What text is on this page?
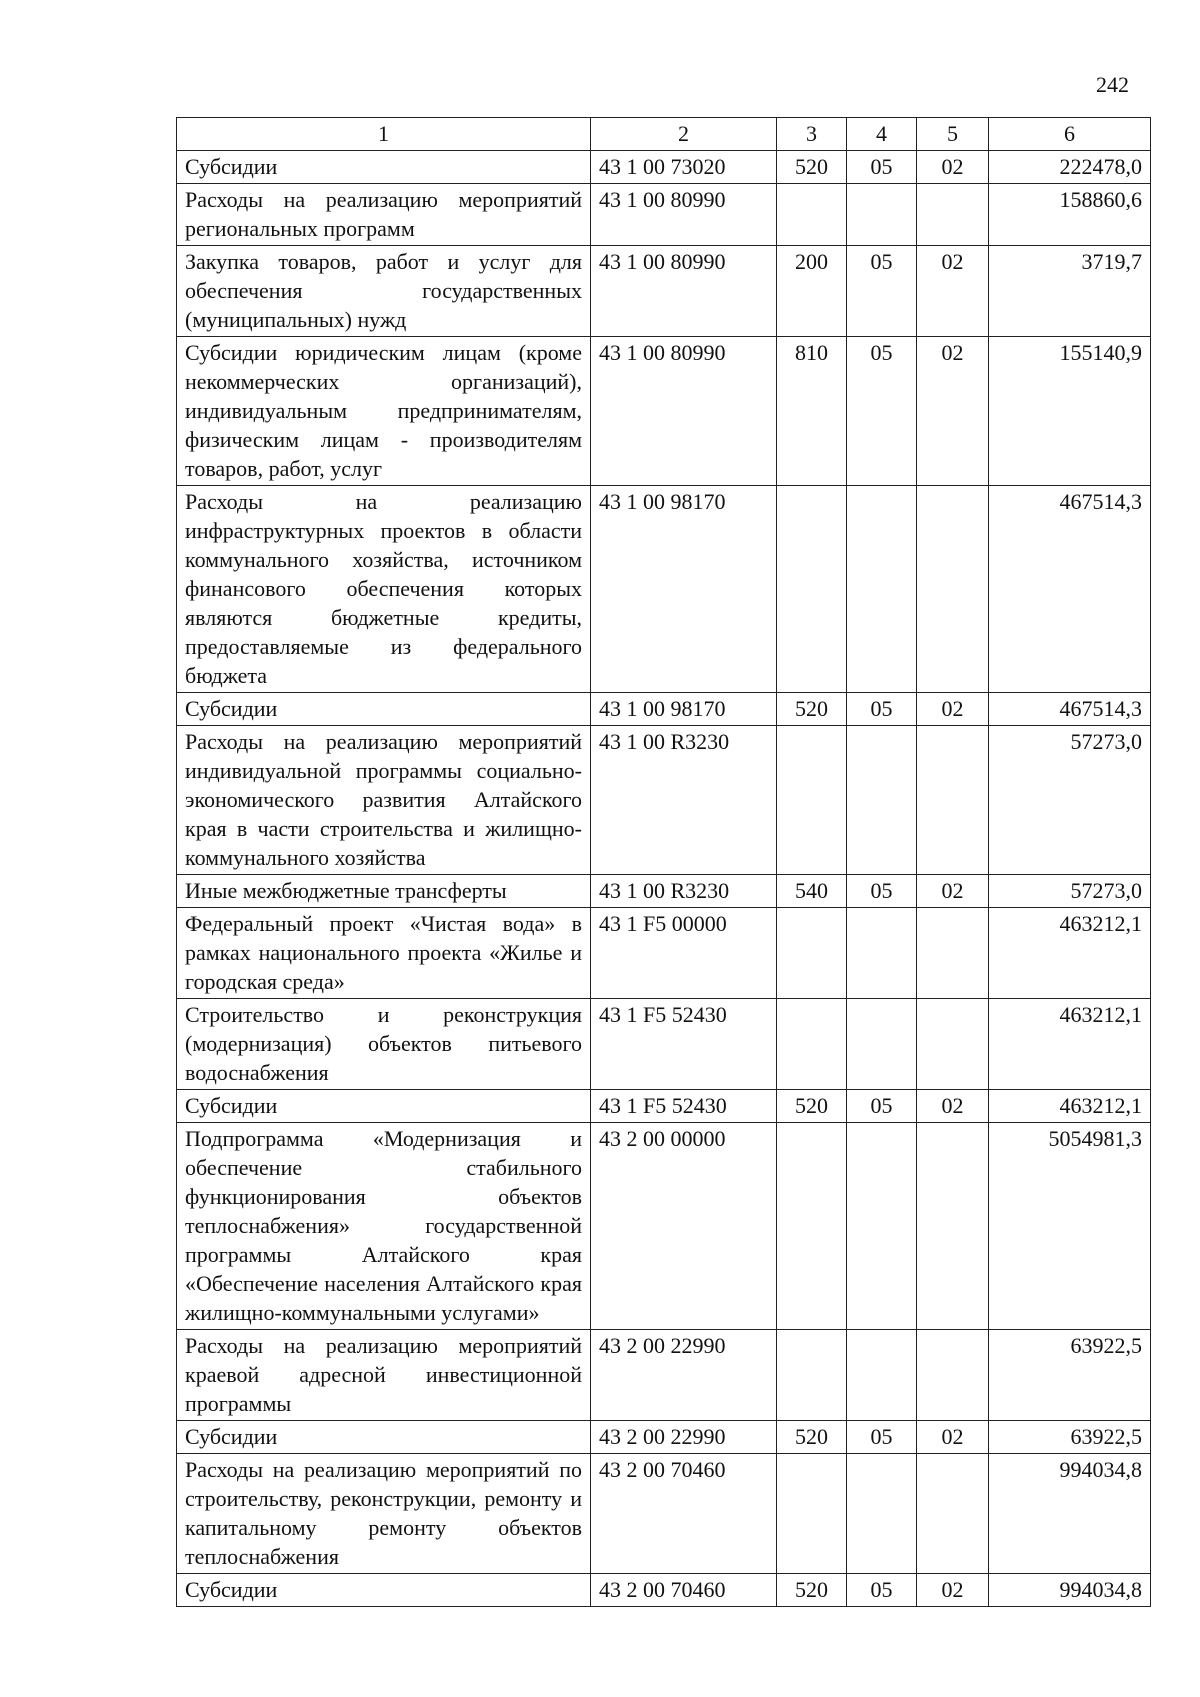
242
1	2	3	4	5	6
Субсидии	43 1 00 73020	520	05	02	222478,0
Расходы на реализацию мероприятий региональных программ	43 1 00 80990				158860,6
Закупка товаров, работ и услуг для обеспечения государственных (муниципальных) нужд	43 1 00 80990	200	05	02	3719,7
Субсидии юридическим лицам (кроме некоммерческих организаций), индивидуальным предпринимателям, физическим лицам - производителям товаров, работ, услуг	43 1 00 80990	810	05	02	155140,9
Расходы на реализацию инфраструктурных проектов в области коммунального хозяйства, источником финансового обеспечения которых являются бюджетные кредиты, предоставляемые из федерального бюджета	43 1 00 98170				467514,3
Субсидии	43 1 00 98170	520	05	02	467514,3
Расходы на реализацию мероприятий индивидуальной программы социально-экономического развития Алтайского края в части строительства и жилищно-коммунального хозяйства	43 1 00 R3230				57273,0
Иные межбюджетные трансферты	43 1 00 R3230	540	05	02	57273,0
Федеральный проект «Чистая вода» в рамках национального проекта «Жилье и городская среда»	43 1 F5 00000				463212,1
Строительство и реконструкция (модернизация) объектов питьевого водоснабжения	43 1 F5 52430				463212,1
Субсидии	43 1 F5 52430	520	05	02	463212,1
Подпрограмма «Модернизация и обеспечение стабильного функционирования объектов теплоснабжения» государственной программы Алтайского края «Обеспечение населения Алтайского края жилищно-коммунальными услугами»	43 2 00 00000				5054981,3
Расходы на реализацию мероприятий краевой адресной инвестиционной программы	43 2 00 22990				63922,5
Субсидии	43 2 00 22990	520	05	02	63922,5
Расходы на реализацию мероприятий по строительству, реконструкции, ремонту и капитальному ремонту объектов теплоснабжения	43 2 00 70460				994034,8
Субсидии	43 2 00 70460	520	05	02	994034,8
